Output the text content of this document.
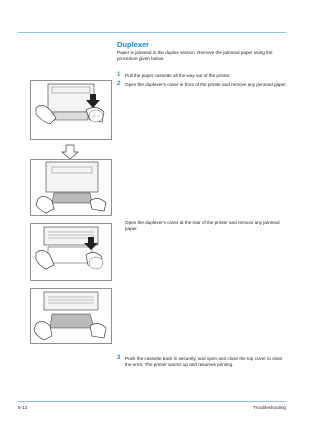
Duplexer
Paper is jammed in the duplex section. Remove the jammed paper using the procedure given below.
1 Pull the paper cassette all the way out of the printer.
2 Open the duplexer's cover in front of the printer and remove any jammed paper.
Open the duplexer's cover at the rear of the printer and remove any jammed paper.
3 Push the cassette back in securely, and open and close the top cover to clear the error. The printer warms up and resumes printing.
5-12	Troubleshooting
